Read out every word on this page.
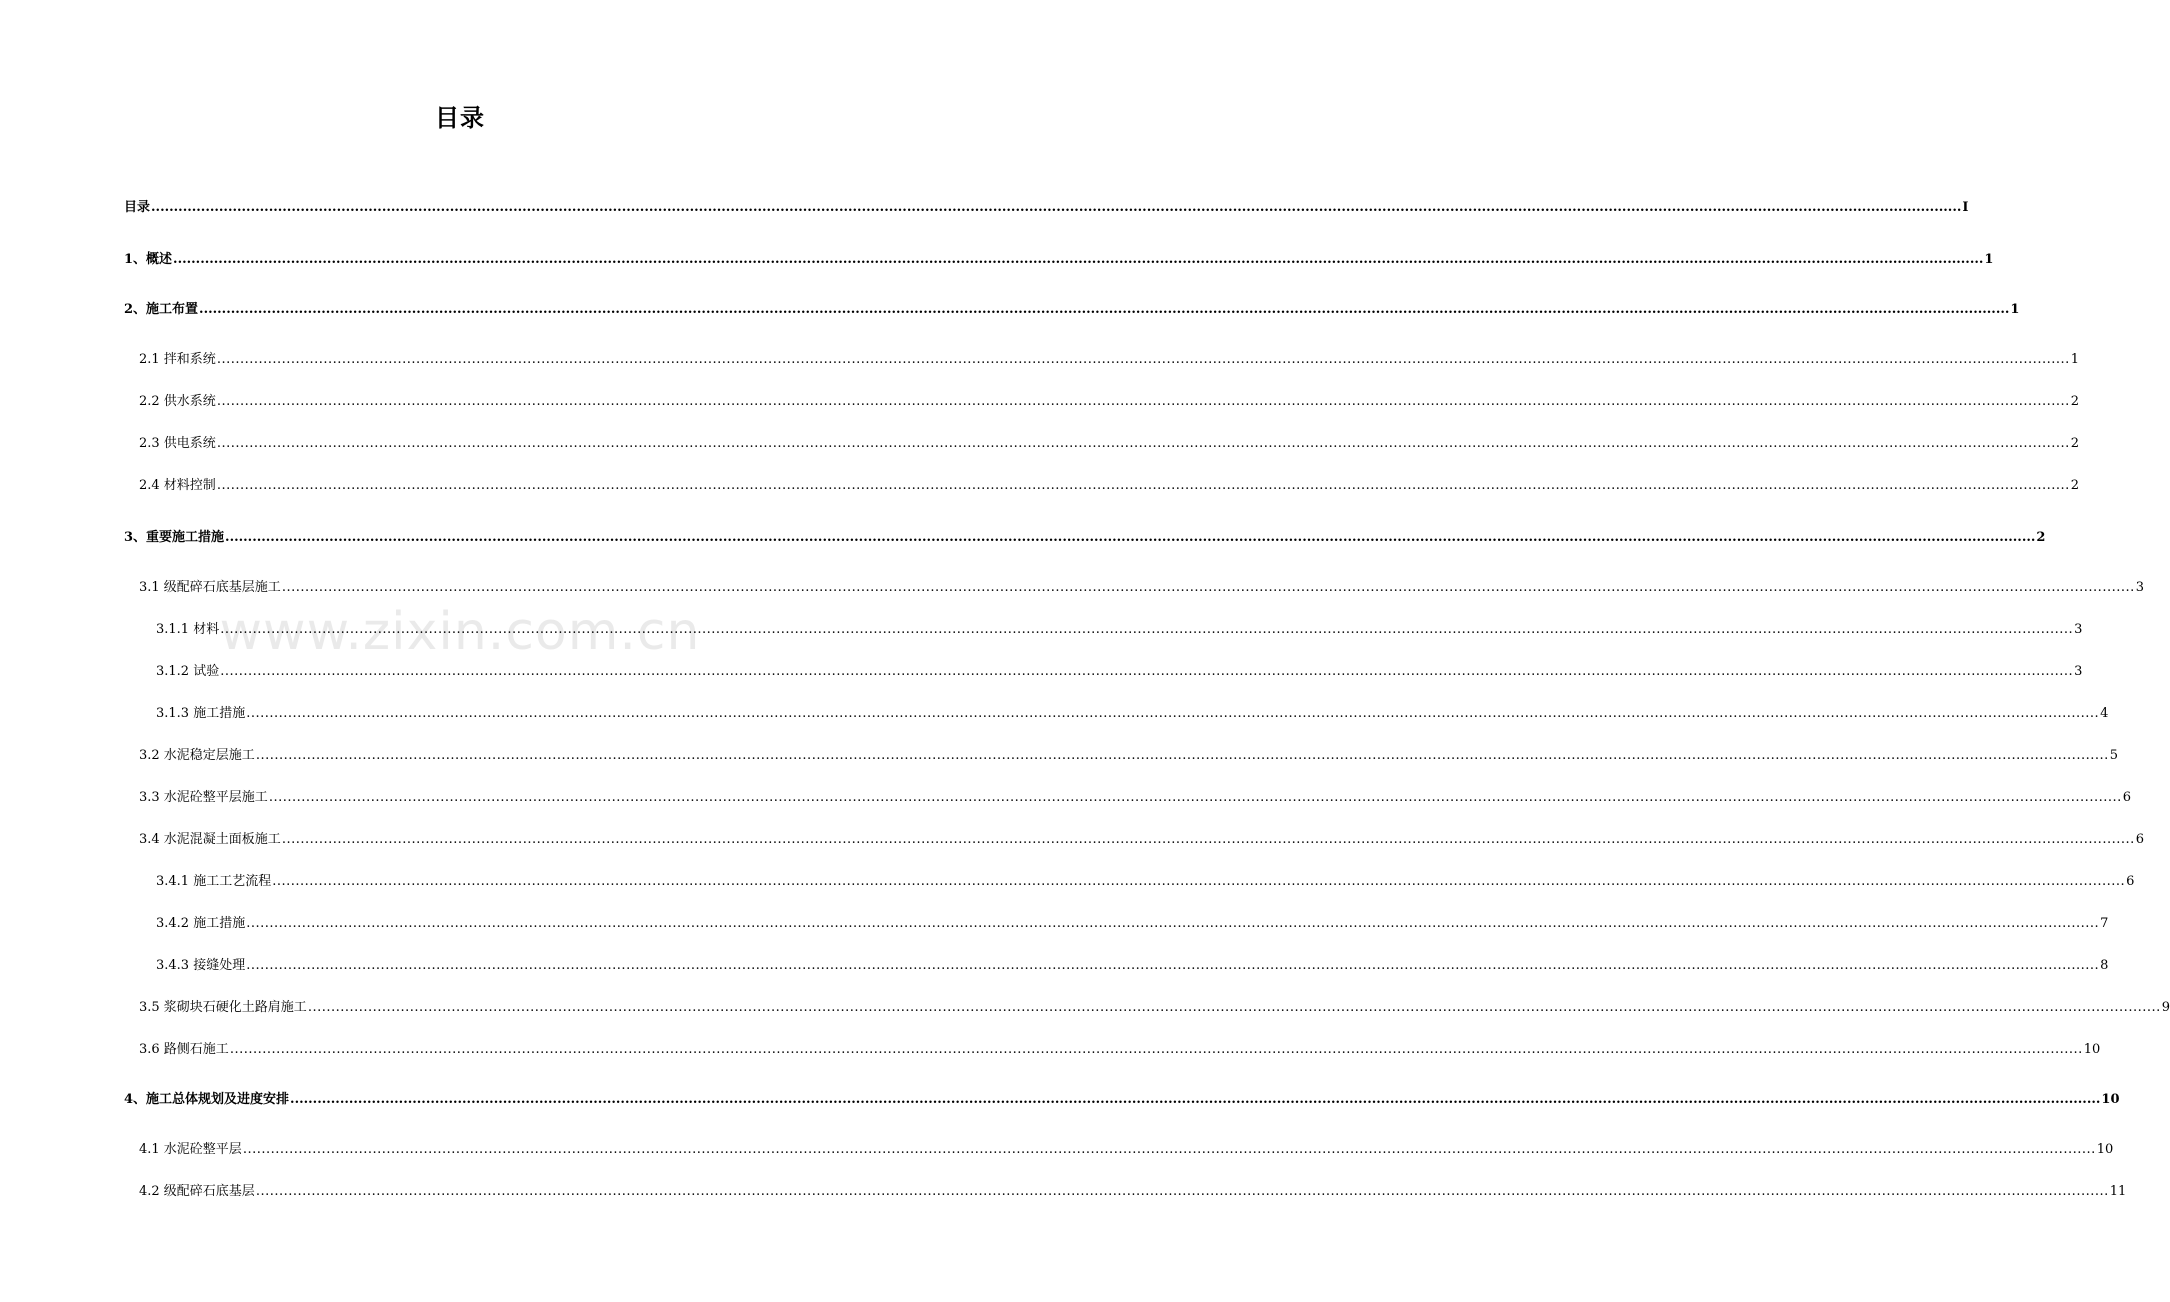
目录
www.zixin.com.cn
目录 ................................................................................................................................................................................................................................................................................................................................................................................................................ I
1、概述 ................................................................................................................................................................................................................................................................................................................................................................................................................ 1
2、施工布置 ................................................................................................................................................................................................................................................................................................................................................................................................................ 1
2.1 拌和系统 ................................................................................................................................................................................................................................................................................................................................................................................................................ 1
2.2 供水系统 ................................................................................................................................................................................................................................................................................................................................................................................................................ 2
2.3 供电系统 ................................................................................................................................................................................................................................................................................................................................................................................................................ 2
2.4 材料控制 ................................................................................................................................................................................................................................................................................................................................................................................................................ 2
3、重要施工措施 ................................................................................................................................................................................................................................................................................................................................................................................................................ 2
3.1 级配碎石底基层施工 ................................................................................................................................................................................................................................................................................................................................................................................................................ 3
3.1.1 材料 ................................................................................................................................................................................................................................................................................................................................................................................................................ 3
3.1.2 试验 ................................................................................................................................................................................................................................................................................................................................................................................................................ 3
3.1.3 施工措施 ................................................................................................................................................................................................................................................................................................................................................................................................................ 4
3.2 水泥稳定层施工 ................................................................................................................................................................................................................................................................................................................................................................................................................ 5
3.3 水泥砼整平层施工 ................................................................................................................................................................................................................................................................................................................................................................................................................ 6
3.4 水泥混凝土面板施工 ................................................................................................................................................................................................................................................................................................................................................................................................................ 6
3.4.1 施工工艺流程 ................................................................................................................................................................................................................................................................................................................................................................................................................ 6
3.4.2 施工措施 ................................................................................................................................................................................................................................................................................................................................................................................................................ 7
3.4.3 接缝处理 ................................................................................................................................................................................................................................................................................................................................................................................................................ 8
3.5 浆砌块石硬化土路肩施工 ................................................................................................................................................................................................................................................................................................................................................................................................................ 9
3.6 路侧石施工 ................................................................................................................................................................................................................................................................................................................................................................................................................ 10
4、施工总体规划及进度安排 ................................................................................................................................................................................................................................................................................................................................................................................................................ 10
4.1 水泥砼整平层 ................................................................................................................................................................................................................................................................................................................................................................................................................ 10
4.2 级配碎石底基层 ................................................................................................................................................................................................................................................................................................................................................................................................................ 11
